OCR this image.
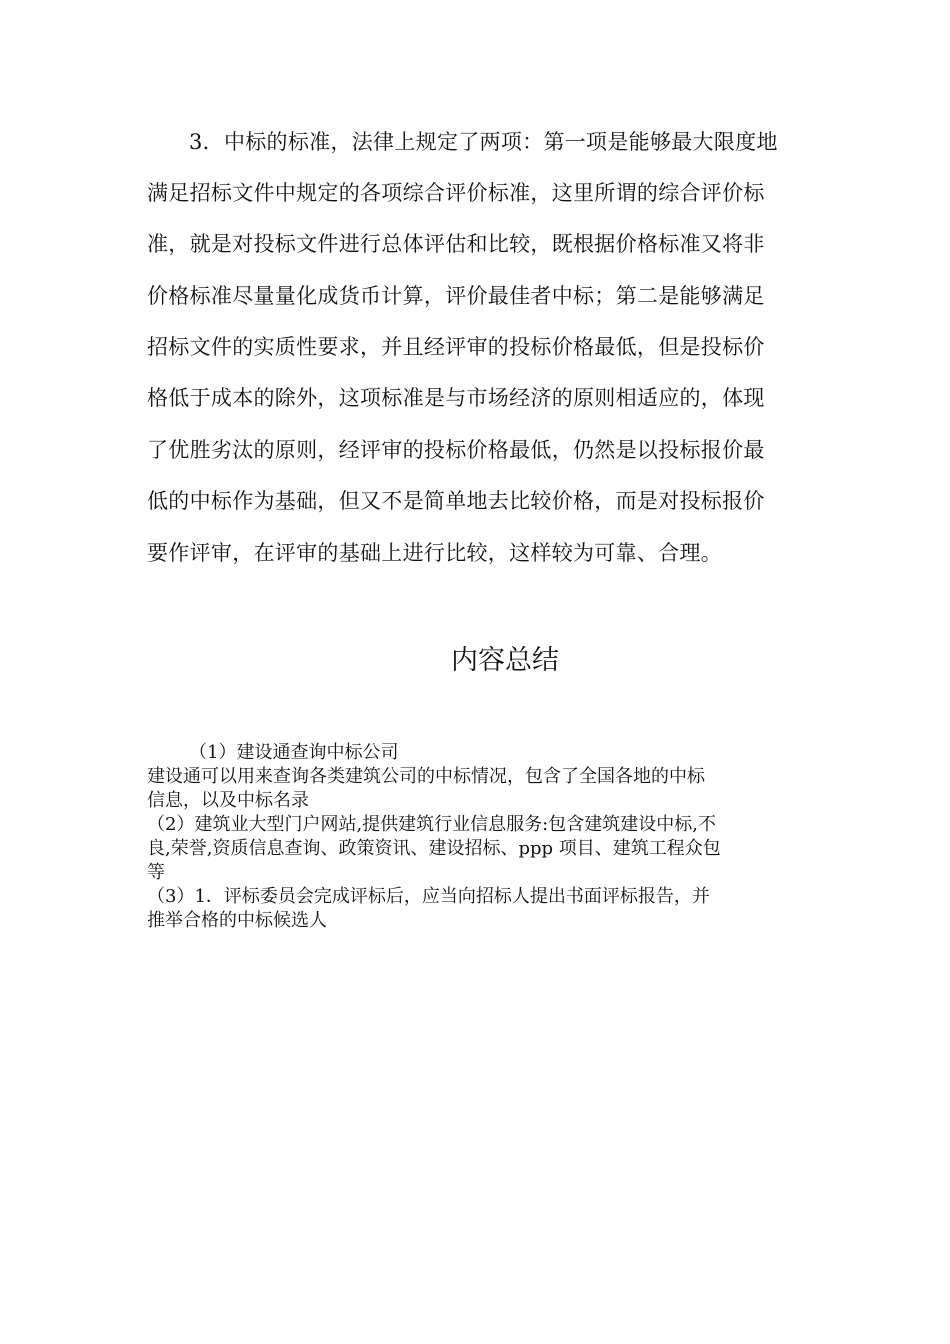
3．中标的标准，法律上规定了两项：第一项是能够最大限度地
满足招标文件中规定的各项综合评价标准，这里所谓的综合评价标
准，就是对投标文件进行总体评估和比较，既根据价格标准又将非
价格标准尽量量化成货币计算，评价最佳者中标；第二是能够满足
招标文件的实质性要求，并且经评审的投标价格最低，但是投标价
格低于成本的除外，这项标准是与市场经济的原则相适应的，体现
了优胜劣汰的原则，经评审的投标价格最低，仍然是以投标报价最
低的中标作为基础，但又不是简单地去比较价格，而是对投标报价
要作评审，在评审的基础上进行比较，这样较为可靠、合理。
内容总结
（1）建设通查询中标公司
建设通可以用来查询各类建筑公司的中标情况，包含了全国各地的中标
信息，以及中标名录
（2）建筑业大型门户网站,提供建筑行业信息服务:包含建筑建设中标,不
良,荣誉,资质信息查询、政策资讯、建设招标、ppp 项目、建筑工程众包
等
（3）1．评标委员会完成评标后，应当向招标人提出书面评标报告，并
推举合格的中标候选人
